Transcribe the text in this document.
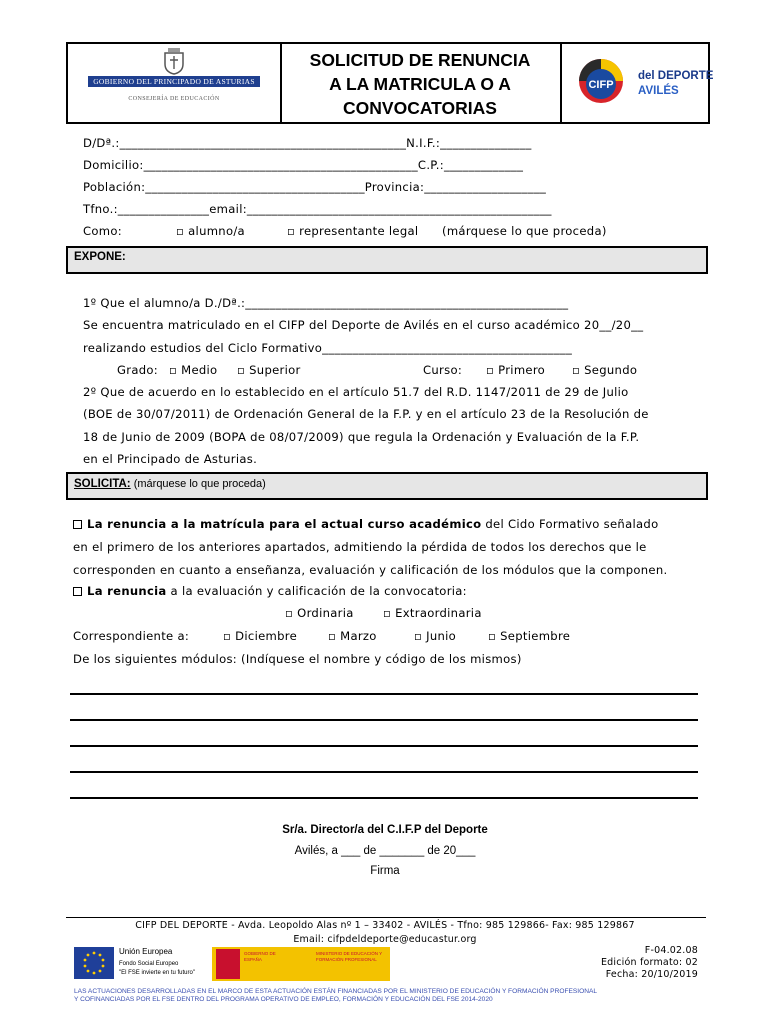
GOBIERNO DEL PRINCIPADO DE ASTURIAS
CONSEJERÍA DE EDUCACIÓN
SOLICITUD DE RENUNCIA
A LA MATRICULA O A
CONVOCATORIAS
CIFP
del DEPORTE
AVILÉS
D/Dª.:_______________________________________________N.I.F.:_______________
Domicilio:_____________________________________________C.P.:_____________
Población:____________________________________Provincia:____________________
Tfno.:_______________email:__________________________________________________
Como:	▫ alumno/a	▫ representante legal (márquese lo que proceda)
EXPONE:
1º Que el alumno/a D./Dª.:_____________________________________________________
Se encuentra matriculado en el CIFP del Deporte de Avilés en el curso académico 20__/20__
realizando estudios del Ciclo Formativo_________________________________________
Grado: ▫ Medio ▫ Superior	Curso: ▫ Primero ▫ Segundo
2º Que de acuerdo en lo establecido en el artículo 51.7 del R.D. 1147/2011 de 29 de Julio
(BOE de 30/07/2011) de Ordenación General de la F.P. y en el artículo 23 de la Resolución de
18 de Junio de 2009 (BOPA de 08/07/2009) que regula la Ordenación y Evaluación de la F.P.
en el Principado de Asturias.
SOLICITA: (márquese lo que proceda)
La renuncia a la matrícula para el actual curso académico del Cido Formativo señalado
en el primero de los anteriores apartados, admitiendo la pérdida de todos los derechos que le
corresponden en cuanto a enseñanza, evaluación y calificación de los módulos que la componen.
La renuncia a la evaluación y calificación de la convocatoria:
▫ Ordinaria	▫ Extraordinaria
Correspondiente a:	▫ Diciembre	▫ Marzo	▫ Junio	▫ Septiembre
De los siguientes módulos: (Indíquese el nombre y código de los mismos)
Sr/a. Director/a del C.I.F.P del Deporte
Avilés, a ___ de _______ de 20___
Firma
CIFP DEL DEPORTE - Avda. Leopoldo Alas nº 1 – 33402 - AVILÉS - Tfno: 985 129866- Fax: 985 129867
Email: cifpdeldeporte@educastur.org
Unión Europea
Fondo Social Europeo
"El FSE invierte en tu futuro"
GOBIERNO DE ESPAÑA
MINISTERIO DE EDUCACIÓN Y FORMACIÓN PROFESIONAL
F-04.02.08
Edición formato: 02
Fecha: 20/10/2019
LAS ACTUACIONES DESARROLLADAS EN EL MARCO DE ESTA ACTUACIÓN ESTÁN FINANCIADAS POR EL MINISTERIO DE EDUCACIÓN Y FORMACIÓN PROFESIONAL
Y COFINANCIADAS POR EL FSE DENTRO DEL PROGRAMA OPERATIVO DE EMPLEO, FORMACIÓN Y EDUCACIÓN DEL FSE 2014-2020
